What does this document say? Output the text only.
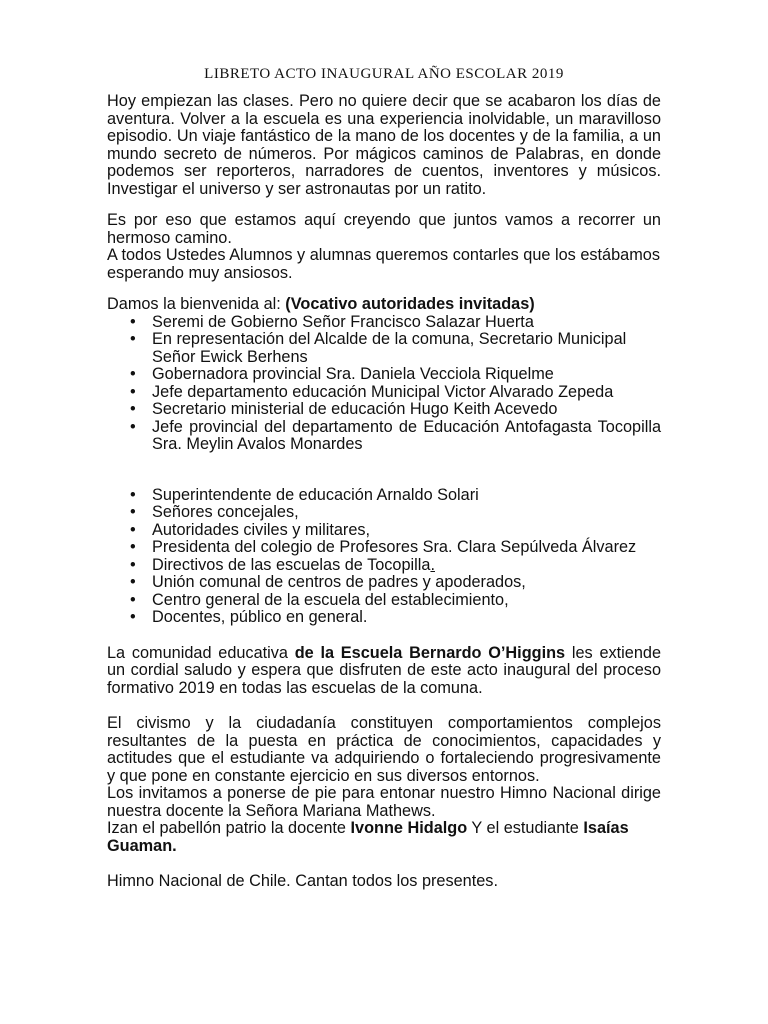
LIBRETO ACTO INAUGURAL AÑO ESCOLAR 2019

Hoy empiezan las clases. Pero no quiere decir que se acabaron los días de aventura. Volver a la escuela es una experiencia inolvidable, un maravilloso episodio. Un viaje fantástico de la mano de los docentes y de la familia, a un mundo secreto de números. Por mágicos caminos de Palabras, en donde podemos ser reporteros, narradores de cuentos, inventores y músicos. Investigar el universo y ser astronautas por un ratito.

Es por eso que estamos aquí creyendo que juntos vamos a recorrer un hermoso camino.

A todos Ustedes Alumnos y alumnas queremos contarles que los estábamos esperando muy ansiosos.

Damos la bienvenida al: (Vocativo autoridades invitadas)

• Seremi de Gobierno Señor Francisco Salazar Huerta
• En representación del Alcalde de la comuna, Secretario Municipal Señor Ewick Berhens
• Gobernadora provincial Sra. Daniela Vecciola Riquelme
• Jefe departamento educación Municipal Victor Alvarado Zepeda
• Secretario ministerial de educación Hugo Keith Acevedo
• Jefe provincial del departamento de Educación Antofagasta Tocopilla Sra. Meylin Avalos Monardes
• Superintendente de educación Arnaldo Solari
• Señores concejales,
• Autoridades civiles y militares,
• Presidenta del colegio de Profesores Sra. Clara Sepúlveda Álvarez
• Directivos de las escuelas de Tocopilla.
• Unión comunal de centros de padres y apoderados,
• Centro general de la escuela del establecimiento,
• Docentes, público en general.

La comunidad educativa de la Escuela Bernardo O’Higgins les extiende un cordial saludo y espera que disfruten de este acto inaugural del proceso formativo 2019 en todas las escuelas de la comuna.

El civismo y la ciudadanía constituyen comportamientos complejos resultantes de la puesta en práctica de conocimientos, capacidades y actitudes que el estudiante va adquiriendo o fortaleciendo progresivamente y que pone en constante ejercicio en sus diversos entornos.

Los invitamos a ponerse de pie para entonar nuestro Himno Nacional dirige nuestra docente la Señora Mariana Mathews.

Izan el pabellón patrio la docente Ivonne Hidalgo Y el estudiante Isaías Guaman.

Himno Nacional de Chile. Cantan todos los presentes.
